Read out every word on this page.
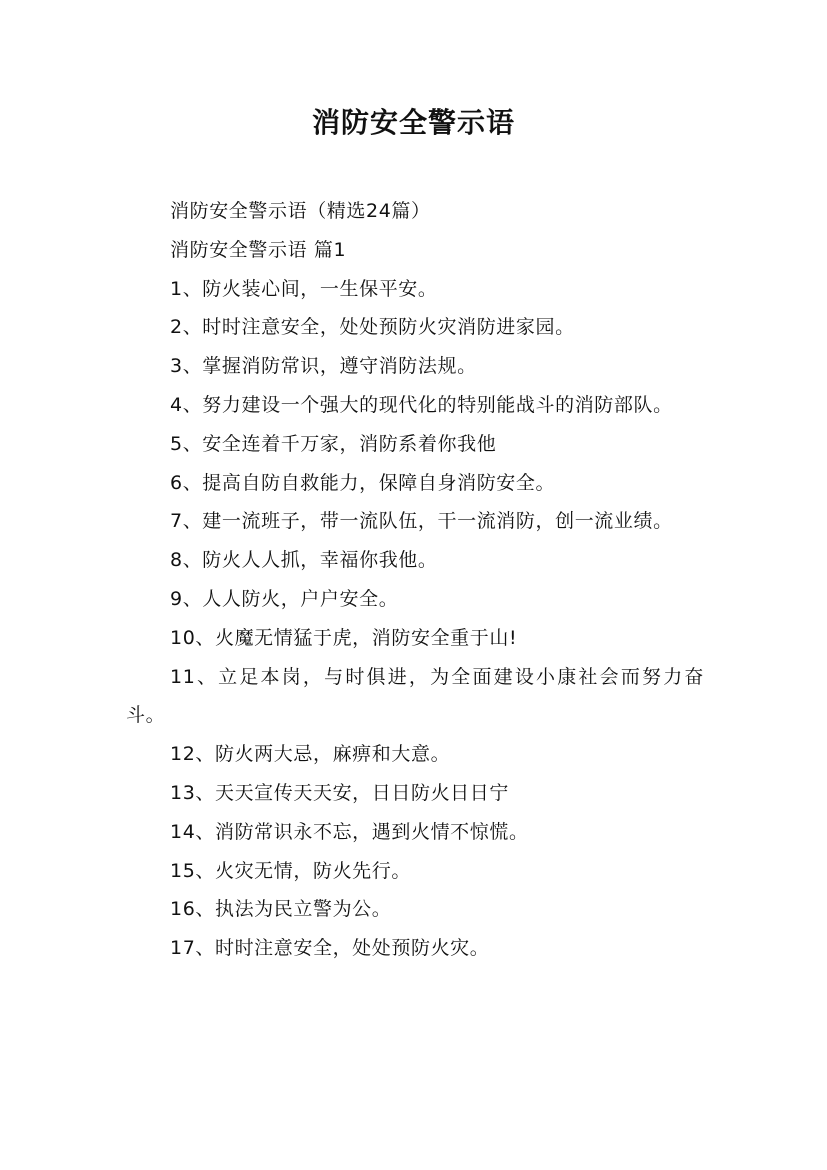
消防安全警示语

消防安全警示语（精选24篇）

消防安全警示语 篇1

1、防火装心间，一生保平安。

2、时时注意安全，处处预防火灾消防进家园。

3、掌握消防常识，遵守消防法规。

4、努力建设一个强大的现代化的特别能战斗的消防部队。

5、安全连着千万家，消防系着你我他

6、提高自防自救能力，保障自身消防安全。

7、建一流班子，带一流队伍，干一流消防，创一流业绩。

8、防火人人抓，幸福你我他。

9、人人防火，户户安全。

10、火魔无情猛于虎，消防安全重于山!

11、立足本岗，与时俱进，为全面建设小康社会而努力奋斗。

12、防火两大忌，麻痹和大意。

13、天天宣传天天安，日日防火日日宁

14、消防常识永不忘，遇到火情不惊慌。

15、火灾无情，防火先行。

16、执法为民立警为公。

17、时时注意安全，处处预防火灾。
